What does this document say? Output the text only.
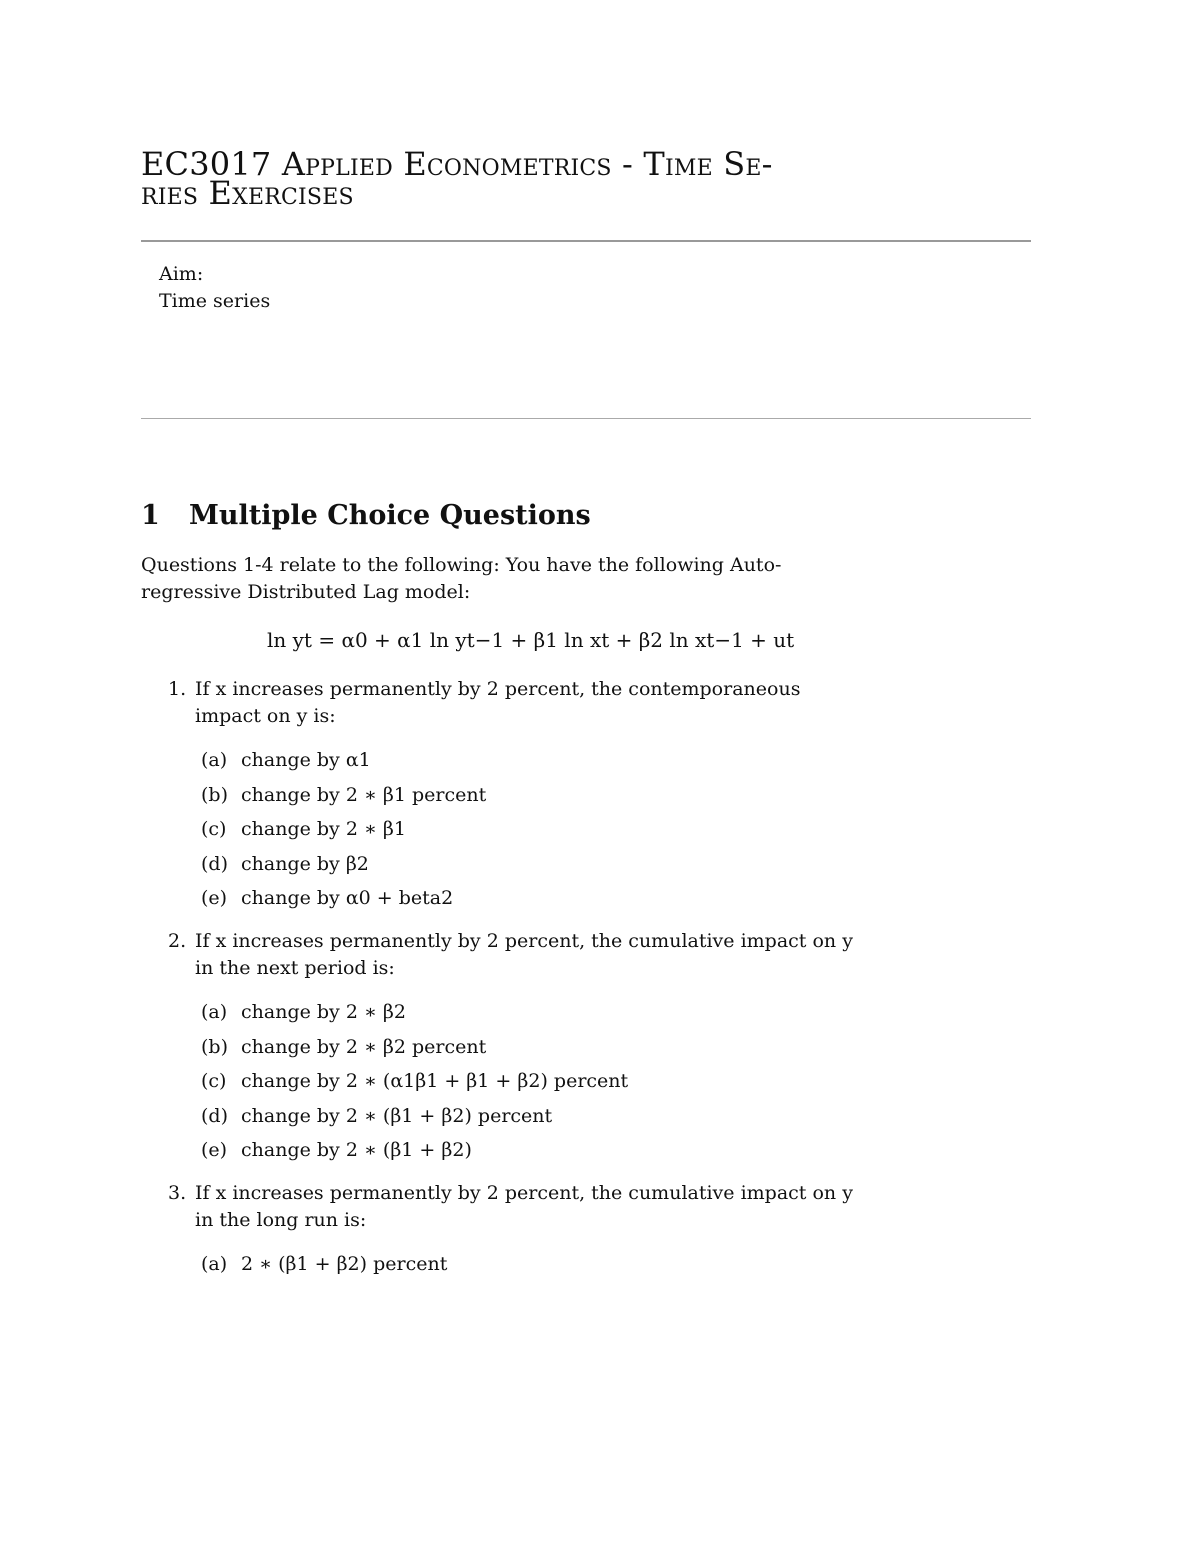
EC3017 Applied Econometrics - Time Se-
ries Exercises
Aim:
Time series
1 Multiple Choice Questions
Questions 1-4 relate to the following: You have the following Auto-regressive Distributed Lag model:
ln yt = α0 + α1 ln yt−1 + β1 ln xt + β2 ln xt−1 + ut
1. If x increases permanently by 2 percent, the contemporaneous impact on y is:
(a) change by α1
(b) change by 2 ∗ β1 percent
(c) change by 2 ∗ β1
(d) change by β2
(e) change by α0 + beta2
2. If x increases permanently by 2 percent, the cumulative impact on y in the next period is:
(a) change by 2 ∗ β2
(b) change by 2 ∗ β2 percent
(c) change by 2 ∗ (α1β1 + β1 + β2) percent
(d) change by 2 ∗ (β1 + β2) percent
(e) change by 2 ∗ (β1 + β2)
3. If x increases permanently by 2 percent, the cumulative impact on y in the long run is:
(a) 2 ∗ (β1 + β2) percent
